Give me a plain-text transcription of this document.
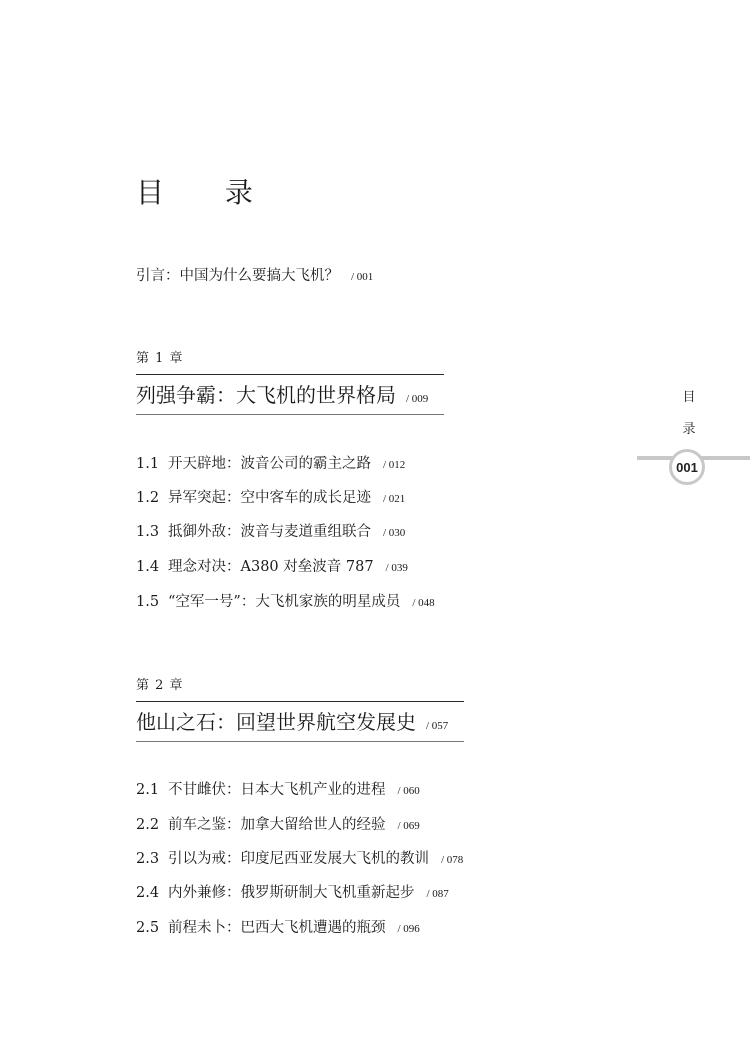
目 录
引言：中国为什么要搞大飞机？ / 001
第 1 章
列强争霸：大飞机的世界格局 / 009
1.1 开天辟地：波音公司的霸主之路 / 012
1.2 异军突起：空中客车的成长足迹 / 021
1.3 抵御外敌：波音与麦道重组联合 / 030
1.4 理念对决：A380 对垒波音 787 / 039
1.5 “空军一号”：大飞机家族的明星成员 / 048
第 2 章
他山之石：回望世界航空发展史 / 057
2.1 不甘雌伏：日本大飞机产业的进程 / 060
2.2 前车之鉴：加拿大留给世人的经验 / 069
2.3 引以为戒：印度尼西亚发展大飞机的教训 / 078
2.4 内外兼修：俄罗斯研制大飞机重新起步 / 087
2.5 前程未卜：巴西大飞机遭遇的瓶颈 / 096
目
录
001
